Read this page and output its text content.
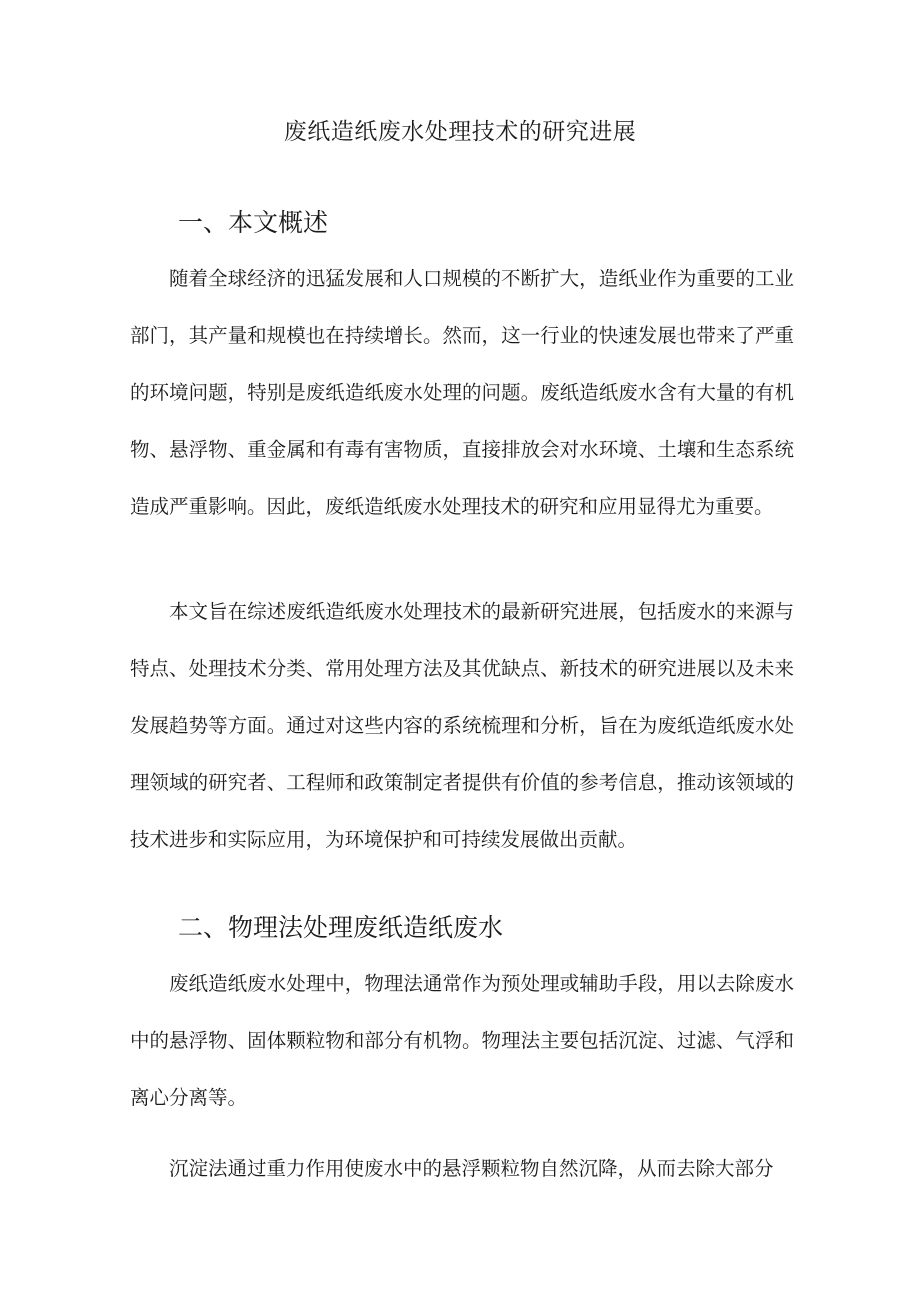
废纸造纸废水处理技术的研究进展
一、本文概述

随着全球经济的迅猛发展和人口规模的不断扩大，造纸业作为重要的工业部门，其产量和规模也在持续增长。然而，这一行业的快速发展也带来了严重的环境问题，特别是废纸造纸废水处理的问题。废纸造纸废水含有大量的有机物、悬浮物、重金属和有毒有害物质，直接排放会对水环境、土壤和生态系统造成严重影响。因此，废纸造纸废水处理技术的研究和应用显得尤为重要。

本文旨在综述废纸造纸废水处理技术的最新研究进展，包括废水的来源与特点、处理技术分类、常用处理方法及其优缺点、新技术的研究进展以及未来发展趋势等方面。通过对这些内容的系统梳理和分析，旨在为废纸造纸废水处理领域的研究者、工程师和政策制定者提供有价值的参考信息，推动该领域的技术进步和实际应用，为环境保护和可持续发展做出贡献。

二、物理法处理废纸造纸废水

废纸造纸废水处理中，物理法通常作为预处理或辅助手段，用以去除废水中的悬浮物、固体颗粒物和部分有机物。物理法主要包括沉淀、过滤、气浮和离心分离等。

沉淀法通过重力作用使废水中的悬浮颗粒物自然沉降，从而去除大部分
